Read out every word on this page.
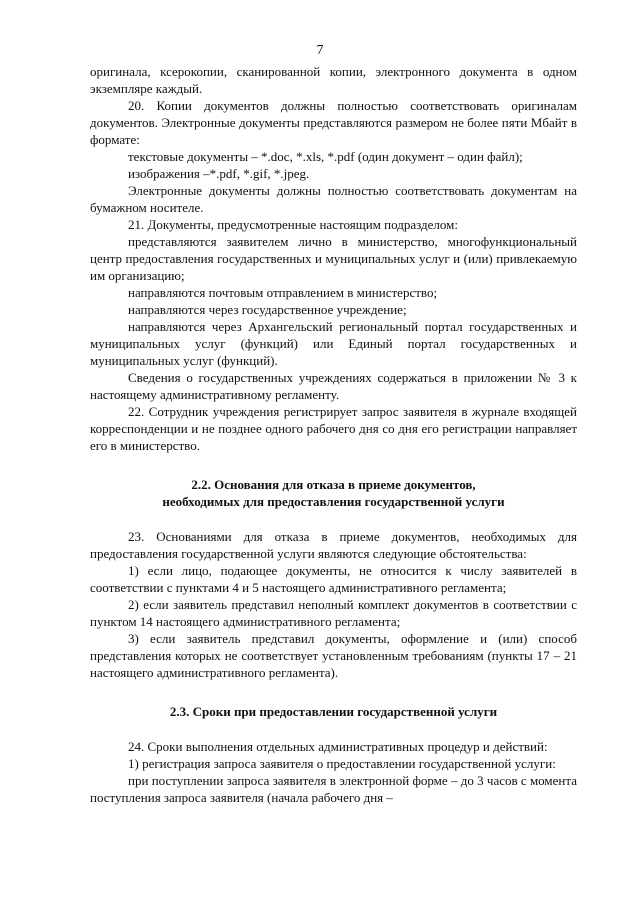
7

оригинала, ксерокопии, сканированной копии, электронного документа в одном экземпляре каждый.

20. Копии документов должны полностью соответствовать оригиналам документов. Электронные документы представляются размером не более пяти Мбайт в формате:

текстовые документы – *.doc, *.xls, *.pdf (один документ – один файл);

изображения –*.pdf, *.gif, *.jpeg.

Электронные документы должны полностью соответствовать документам на бумажном носителе.

21. Документы, предусмотренные настоящим подразделом:

представляются заявителем лично в министерство, многофункциональный центр предоставления государственных и муниципальных услуг и (или) привлекаемую им организацию;

направляются почтовым отправлением в министерство;

направляются через государственное учреждение;

направляются через Архангельский региональный портал государственных и муниципальных услуг (функций) или Единый портал государственных и муниципальных услуг (функций).

Сведения о государственных учреждениях содержаться в приложении № 3 к настоящему административному регламенту.

22. Сотрудник учреждения регистрирует запрос заявителя в журнале входящей корреспонденции и не позднее одного рабочего дня со дня его регистрации направляет его в министерство.

2.2. Основания для отказа в приеме документов,

необходимых для предоставления государственной услуги

23. Основаниями для отказа в приеме документов, необходимых для предоставления государственной услуги являются следующие обстоятельства:

1) если лицо, подающее документы, не относится к числу заявителей в соответствии с пунктами 4 и 5 настоящего административного регламента;

2) если заявитель представил неполный комплект документов в соответствии с пунктом 14 настоящего административного регламента;

3) если заявитель представил документы, оформление и (или) способ представления которых не соответствует установленным требованиям (пункты 17 – 21 настоящего административного регламента).

2.3. Сроки при предоставлении государственной услуги

24. Сроки выполнения отдельных административных процедур и действий:

1) регистрация запроса заявителя о предоставлении государственной услуги:

при поступлении запроса заявителя в электронной форме – до 3 часов с момента поступления запроса заявителя (начала рабочего дня –
